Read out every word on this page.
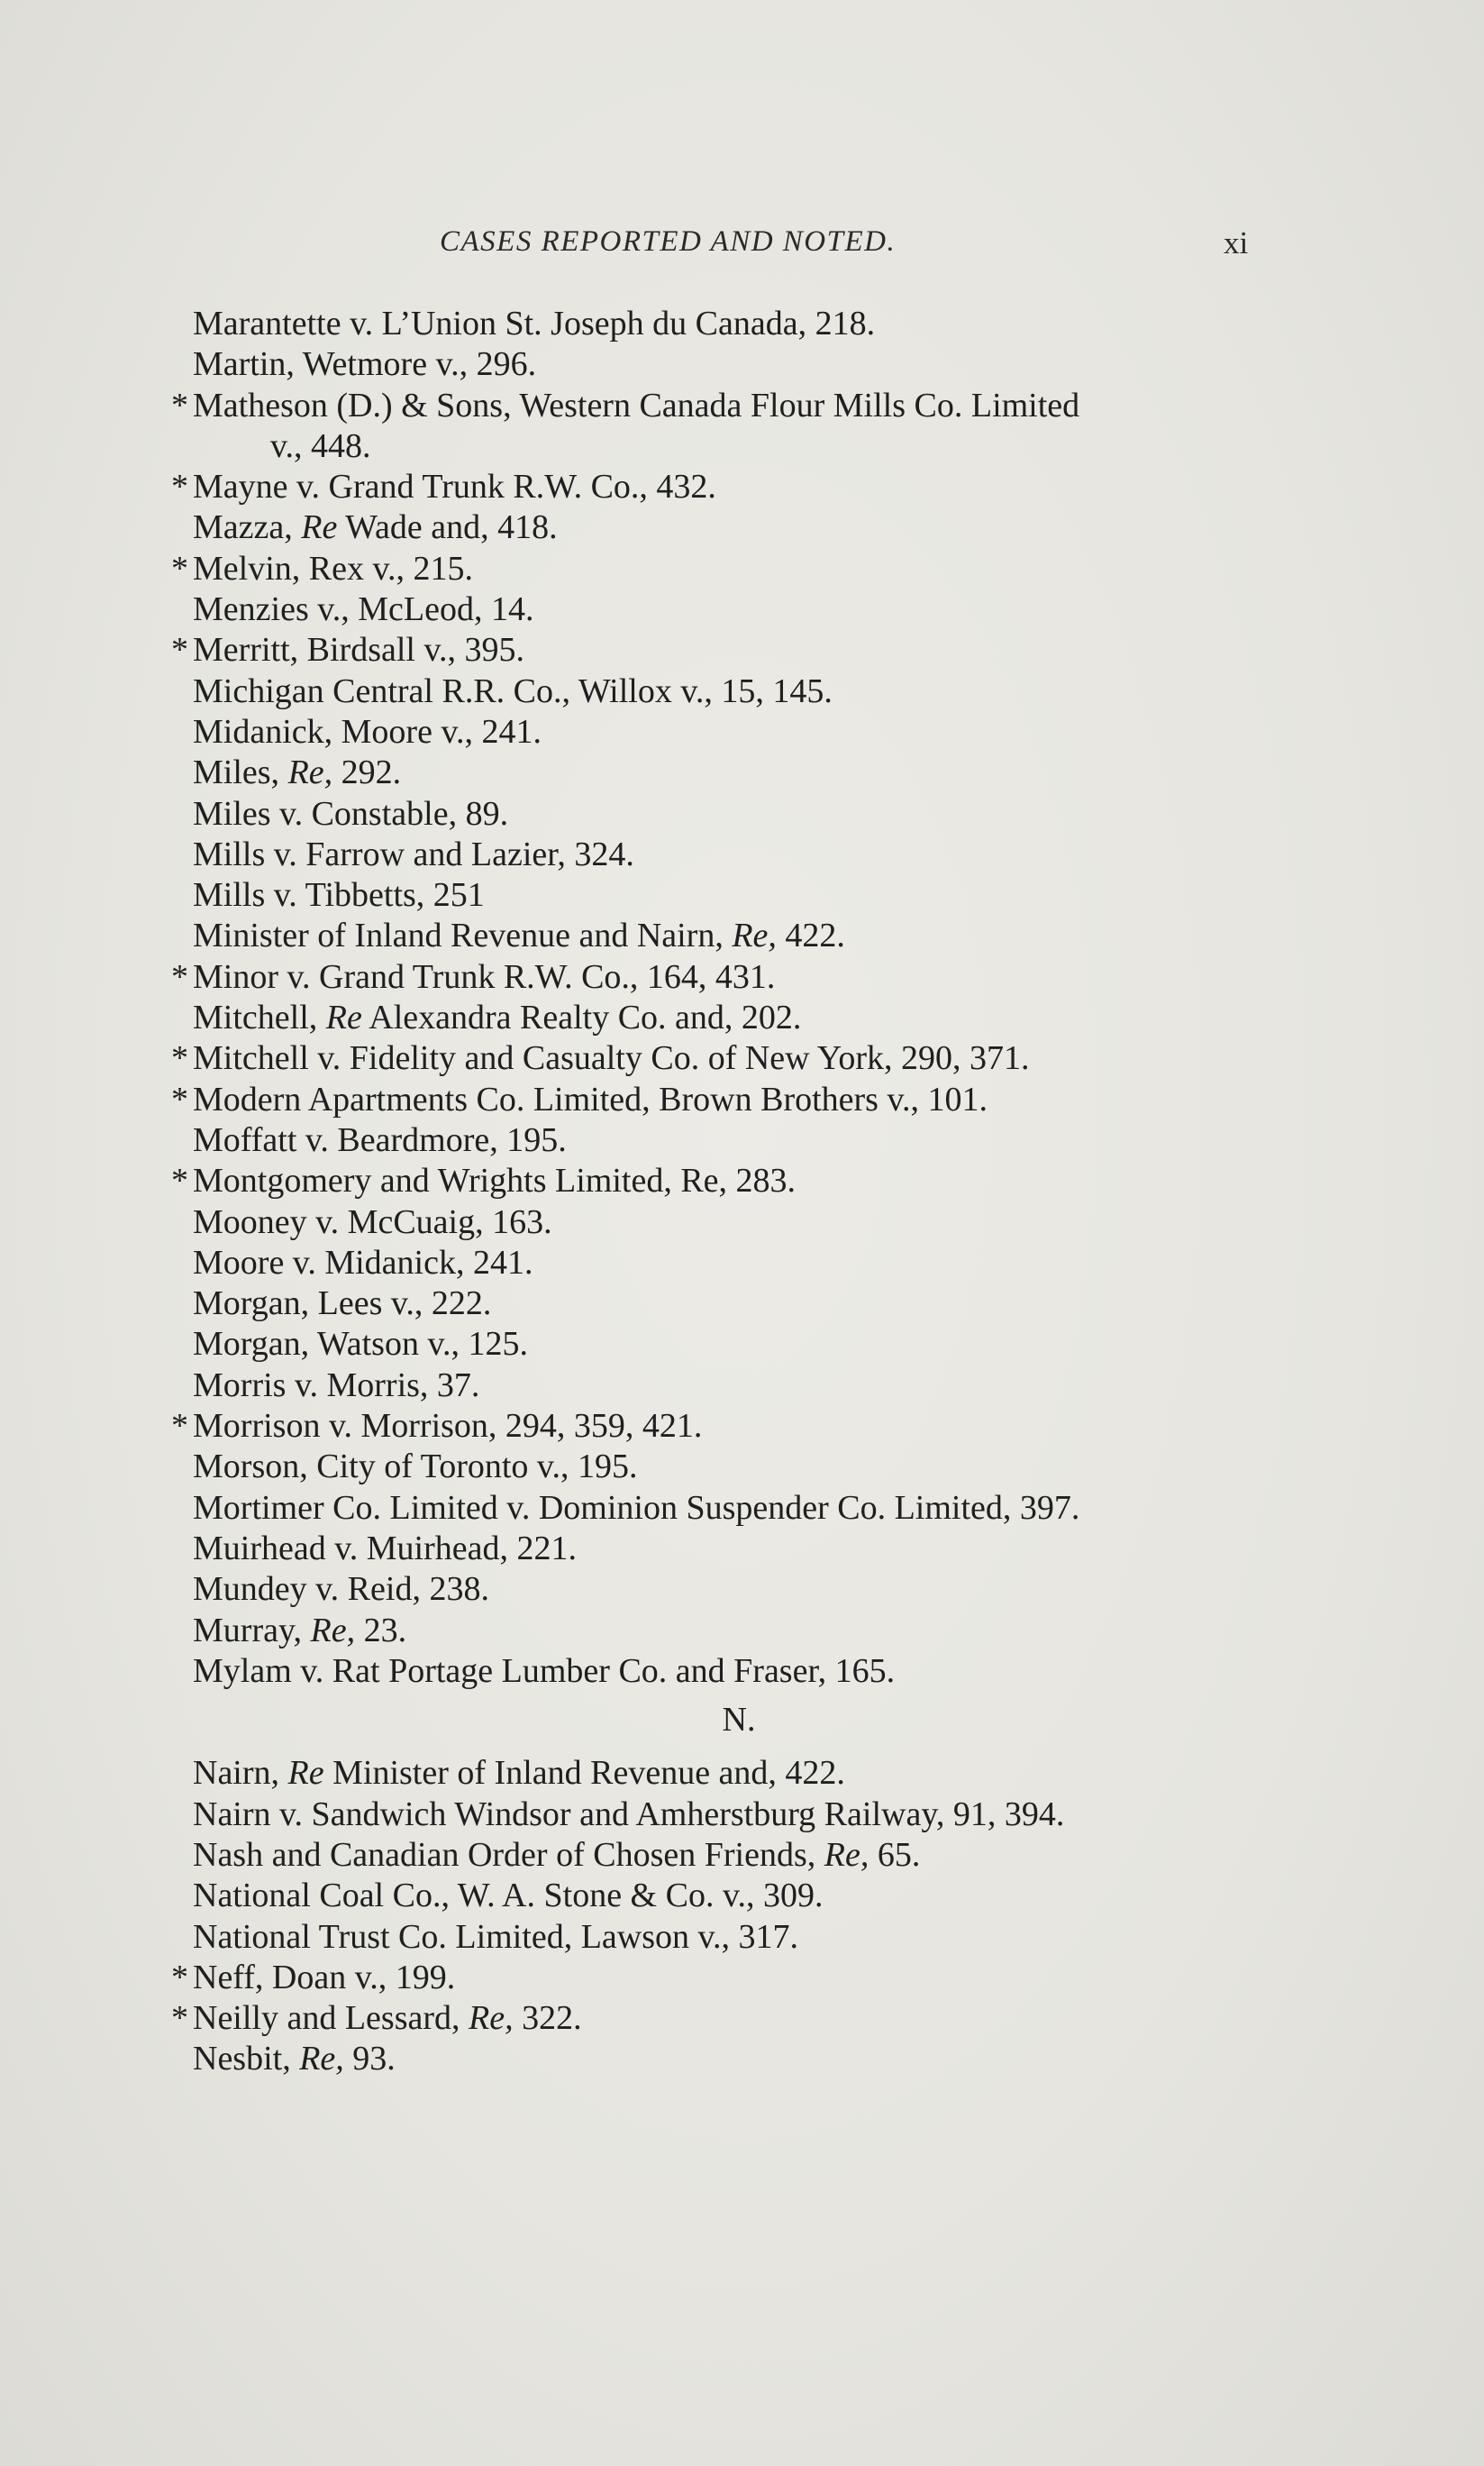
CASES REPORTED AND NOTED.	xi
Marantette v. L’Union St. Joseph du Canada, 218.
Martin, Wetmore v., 296.
* Matheson (D.) & Sons, Western Canada Flour Mills Co. Limited
v., 448.
* Mayne v. Grand Trunk R.W. Co., 432.
Mazza, Re Wade and, 418.
* Melvin, Rex v., 215.
Menzies v., McLeod, 14.
* Merritt, Birdsall v., 395.
Michigan Central R.R. Co., Willox v., 15, 145.
Midanick, Moore v., 241.
Miles, Re, 292.
Miles v. Constable, 89.
Mills v. Farrow and Lazier, 324.
Mills v. Tibbetts, 251
Minister of Inland Revenue and Nairn, Re, 422.
* Minor v. Grand Trunk R.W. Co., 164, 431.
Mitchell, Re Alexandra Realty Co. and, 202.
* Mitchell v. Fidelity and Casualty Co. of New York, 290, 371.
* Modern Apartments Co. Limited, Brown Brothers v., 101.
Moffatt v. Beardmore, 195.
* Montgomery and Wrights Limited, Re, 283.
Mooney v. McCuaig, 163.
Moore v. Midanick, 241.
Morgan, Lees v., 222.
Morgan, Watson v., 125.
Morris v. Morris, 37.
* Morrison v. Morrison, 294, 359, 421.
Morson, City of Toronto v., 195.
Mortimer Co. Limited v. Dominion Suspender Co. Limited, 397.
Muirhead v. Muirhead, 221.
Mundey v. Reid, 238.
Murray, Re, 23.
Mylam v. Rat Portage Lumber Co. and Fraser, 165.
N.
Nairn, Re Minister of Inland Revenue and, 422.
Nairn v. Sandwich Windsor and Amherstburg Railway, 91, 394.
Nash and Canadian Order of Chosen Friends, Re, 65.
National Coal Co., W. A. Stone & Co. v., 309.
National Trust Co. Limited, Lawson v., 317.
* Neff, Doan v., 199.
* Neilly and Lessard, Re, 322.
Nesbit, Re, 93.
